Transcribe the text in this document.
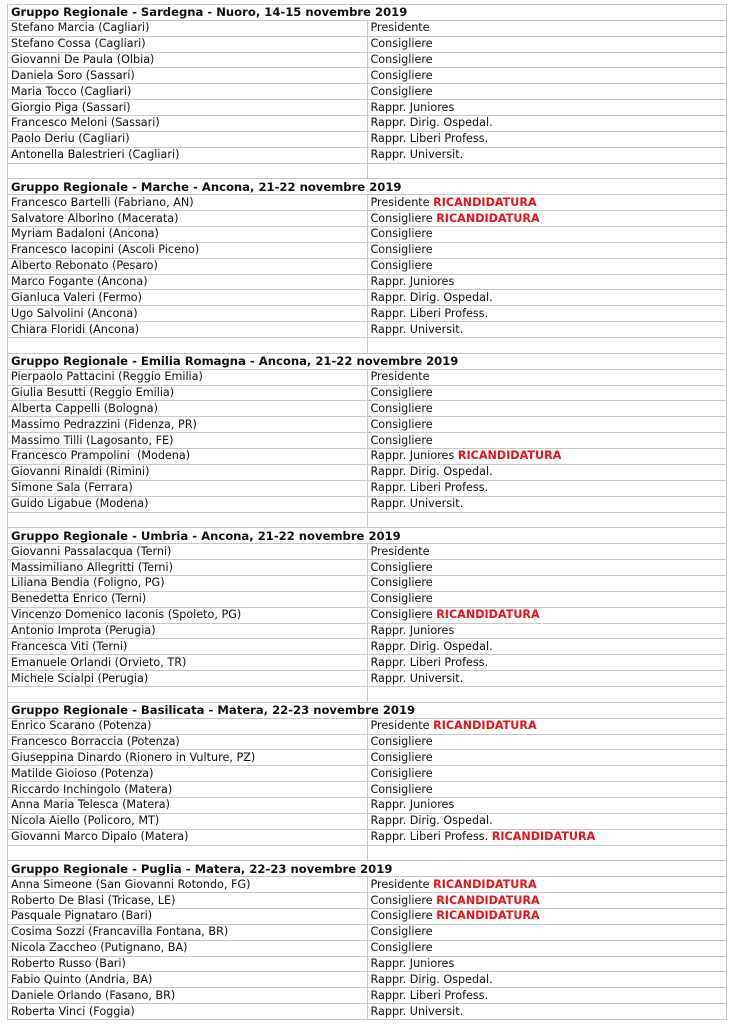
Gruppo Regionale - Sardegna - Nuoro, 14-15 novembre 2019	
Stefano Marcia (Cagliari)	Presidente
Stefano Cossa (Cagliari)	Consigliere
Giovanni De Paula (Olbia)	Consigliere
Daniela Soro (Sassari)	Consigliere
Maria Tocco (Cagliari)	Consigliere
Giorgio Piga (Sassari)	Rappr. Juniores
Francesco Meloni (Sassari)	Rappr. Dirig. Ospedal.
Paolo Deriu (Cagliari)	Rappr. Liberi Profess.
Antonella Balestrieri (Cagliari)	Rappr. Universit.

Gruppo Regionale - Marche - Ancona, 21-22 novembre 2019	
Francesco Bartelli (Fabriano, AN)	Presidente RICANDIDATURA
Salvatore Alborino (Macerata)	Consigliere RICANDIDATURA
Myriam Badaloni (Ancona)	Consigliere
Francesco Iacopini (Ascoli Piceno)	Consigliere
Alberto Rebonato (Pesaro)	Consigliere
Marco Fogante (Ancona)	Rappr. Juniores
Gianluca Valeri (Fermo)	Rappr. Dirig. Ospedal.
Ugo Salvolini (Ancona)	Rappr. Liberi Profess.
Chiara Floridi (Ancona)	Rappr. Universit.

Gruppo Regionale - Emilia Romagna - Ancona, 21-22 novembre 2019	
Pierpaolo Pattacini (Reggio Emilia)	Presidente
Giulia Besutti (Reggio Emilia)	Consigliere
Alberta Cappelli (Bologna)	Consigliere
Massimo Pedrazzini (Fidenza, PR)	Consigliere
Massimo Tilli (Lagosanto, FE)	Consigliere
Francesco Prampolini  (Modena)	Rappr. Juniores RICANDIDATURA
Giovanni Rinaldi (Rimini)	Rappr. Dirig. Ospedal.
Simone Sala (Ferrara)	Rappr. Liberi Profess.
Guido Ligabue (Modena)	Rappr. Universit.

Gruppo Regionale - Umbria - Ancona, 21-22 novembre 2019	
Giovanni Passalacqua (Terni)	Presidente
Massimiliano Allegritti (Terni)	Consigliere
Liliana Bendia (Foligno, PG)	Consigliere
Benedetta Enrico (Terni)	Consigliere
Vincenzo Domenico Iaconis (Spoleto, PG)	Consigliere RICANDIDATURA
Antonio Improta (Perugia)	Rappr. Juniores
Francesca Viti (Terni)	Rappr. Dirig. Ospedal.
Emanuele Orlandi (Orvieto, TR)	Rappr. Liberi Profess.
Michele Scialpi (Perugia)	Rappr. Universit.

Gruppo Regionale - Basilicata - Matera, 22-23 novembre 2019	
Enrico Scarano (Potenza)	Presidente RICANDIDATURA
Francesco Borraccia (Potenza)	Consigliere
Giuseppina Dinardo (Rionero in Vulture, PZ)	Consigliere
Matilde Gioioso (Potenza)	Consigliere
Riccardo Inchingolo (Matera)	Consigliere
Anna Maria Telesca (Matera)	Rappr. Juniores
Nicola Aiello (Policoro, MT)	Rappr. Dirig. Ospedal.
Giovanni Marco Dipalo (Matera)	Rappr. Liberi Profess. RICANDIDATURA

Gruppo Regionale - Puglia - Matera, 22-23 novembre 2019	
Anna Simeone (San Giovanni Rotondo, FG)	Presidente RICANDIDATURA
Roberto De Blasi (Tricase, LE)	Consigliere RICANDIDATURA
Pasquale Pignataro (Bari)	Consigliere RICANDIDATURA
Cosima Sozzi (Francavilla Fontana, BR)	Consigliere
Nicola Zaccheo (Putignano, BA)	Consigliere
Roberto Russo (Bari)	Rappr. Juniores
Fabio Quinto (Andria, BA)	Rappr. Dirig. Ospedal.
Daniele Orlando (Fasano, BR)	Rappr. Liberi Profess.
Roberta Vinci (Foggia)	Rappr. Universit.
